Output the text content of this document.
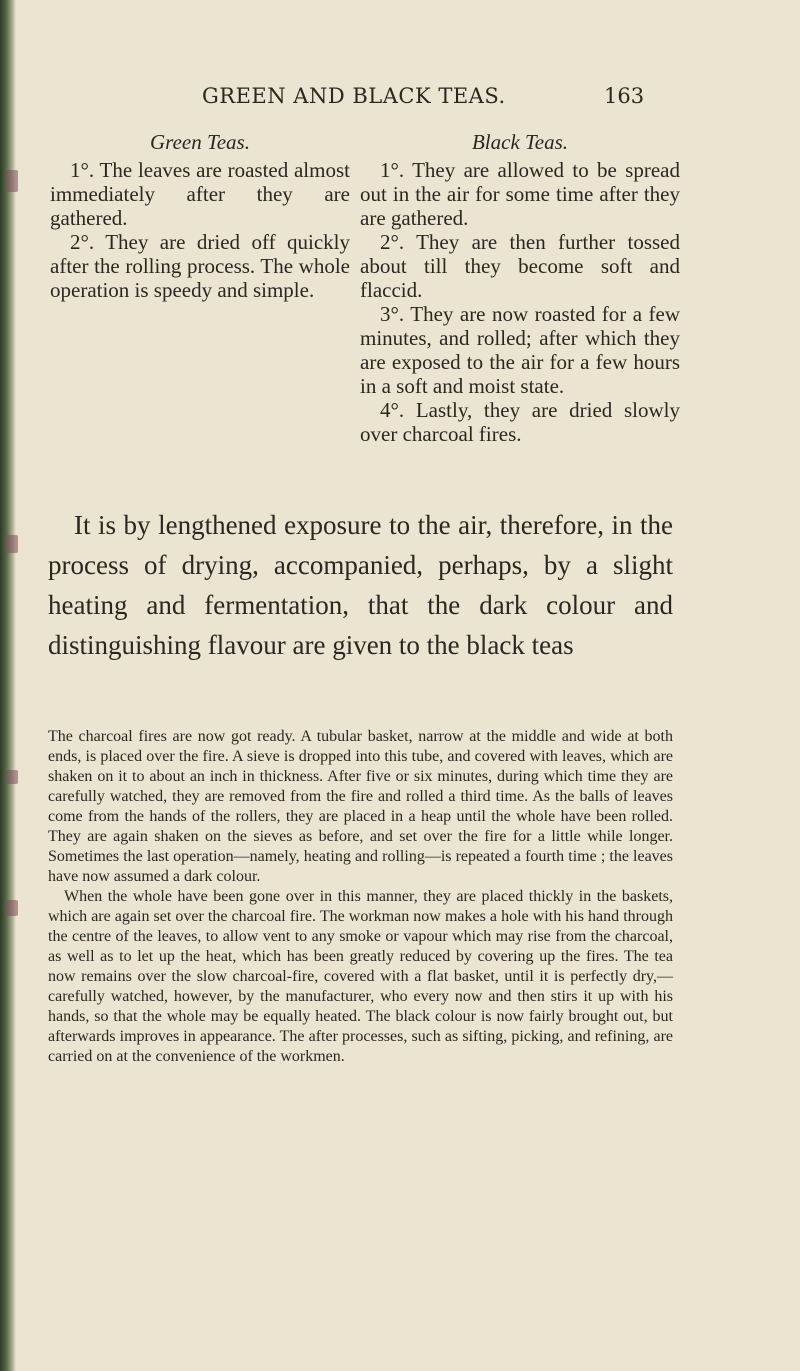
GREEN AND BLACK TEAS.	163
Green Teas.

1°. The leaves are roasted almost immediately after they are gathered.

2°. They are dried off quickly after the rolling process. The whole operation is speedy and simple.

Black Teas.

1°. They are allowed to be spread out in the air for some time after they are gathered.

2°. They are then further tossed about till they become soft and flaccid.

3°. They are now roasted for a few minutes, and rolled; after which they are exposed to the air for a few hours in a soft and moist state.

4°. Lastly, they are dried slowly over charcoal fires.

It is by lengthened exposure to the air, therefore, in the process of drying, accompanied, perhaps, by a slight heating and fermentation, that the dark colour and distinguishing flavour are given to the black teas

The charcoal fires are now got ready. A tubular basket, narrow at the middle and wide at both ends, is placed over the fire. A sieve is dropped into this tube, and covered with leaves, which are shaken on it to about an inch in thickness. After five or six minutes, during which time they are carefully watched, they are removed from the fire and rolled a third time. As the balls of leaves come from the hands of the rollers, they are placed in a heap until the whole have been rolled. They are again shaken on the sieves as before, and set over the fire for a little while longer. Sometimes the last operation—namely, heating and rolling—is repeated a fourth time ; the leaves have now assumed a dark colour.

When the whole have been gone over in this manner, they are placed thickly in the baskets, which are again set over the charcoal fire. The workman now makes a hole with his hand through the centre of the leaves, to allow vent to any smoke or vapour which may rise from the charcoal, as well as to let up the heat, which has been greatly reduced by covering up the fires. The tea now remains over the slow charcoal-fire, covered with a flat basket, until it is perfectly dry,—carefully watched, however, by the manufacturer, who every now and then stirs it up with his hands, so that the whole may be equally heated. The black colour is now fairly brought out, but afterwards improves in appearance. The after processes, such as sifting, picking, and refining, are carried on at the convenience of the workmen.
